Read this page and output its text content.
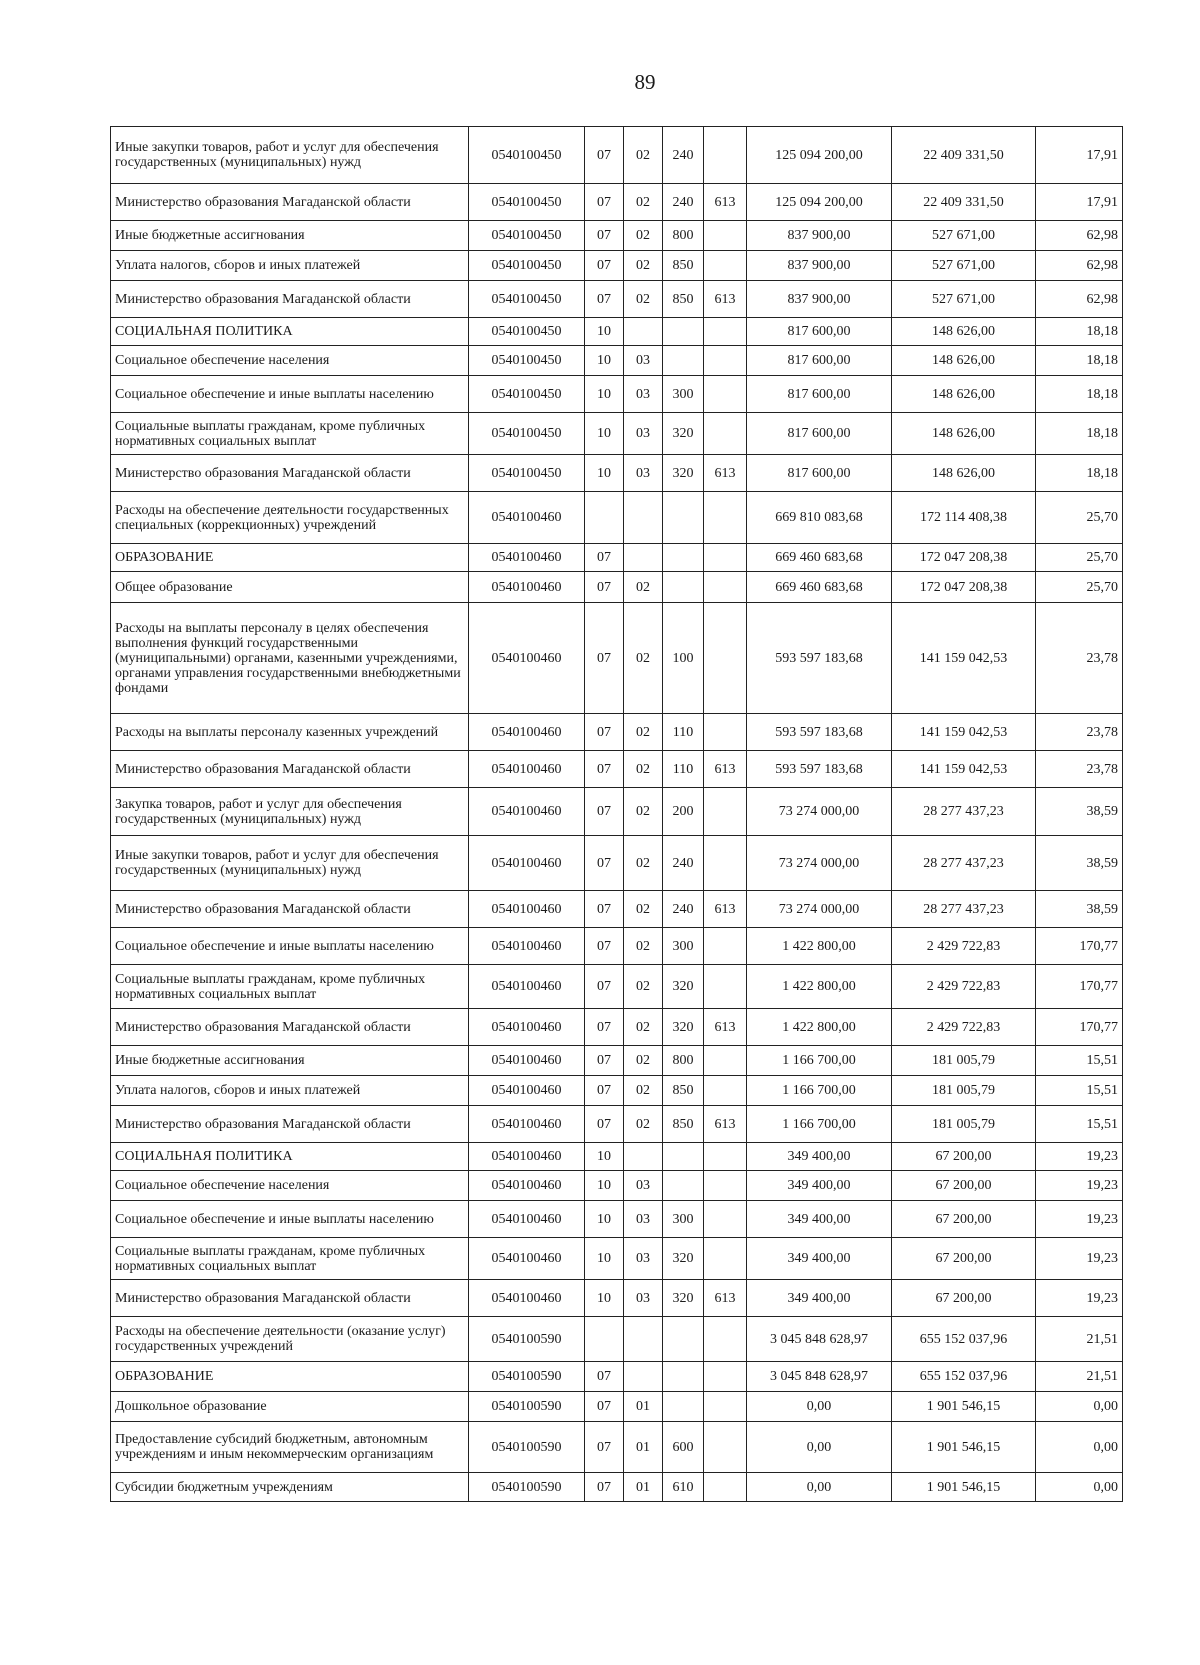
89
Иные закупки товаров, работ и услуг для обеспечения государственных (муниципальных) нужд	0540100450	07	02	240		125 094 200,00	22 409 331,50	17,91
Министерство образования Магаданской области	0540100450	07	02	240	613	125 094 200,00	22 409 331,50	17,91
Иные бюджетные ассигнования	0540100450	07	02	800		837 900,00	527 671,00	62,98
Уплата налогов, сборов и иных платежей	0540100450	07	02	850		837 900,00	527 671,00	62,98
Министерство образования Магаданской области	0540100450	07	02	850	613	837 900,00	527 671,00	62,98
СОЦИАЛЬНАЯ ПОЛИТИКА	0540100450	10				817 600,00	148 626,00	18,18
Социальное обеспечение населения	0540100450	10	03			817 600,00	148 626,00	18,18
Социальное обеспечение и иные выплаты населению	0540100450	10	03	300		817 600,00	148 626,00	18,18
Социальные выплаты гражданам, кроме публичных нормативных социальных выплат	0540100450	10	03	320		817 600,00	148 626,00	18,18
Министерство образования Магаданской области	0540100450	10	03	320	613	817 600,00	148 626,00	18,18
Расходы на обеспечение деятельности государственных специальных (коррекционных) учреждений	0540100460					669 810 083,68	172 114 408,38	25,70
ОБРАЗОВАНИЕ	0540100460	07				669 460 683,68	172 047 208,38	25,70
Общее образование	0540100460	07	02			669 460 683,68	172 047 208,38	25,70
Расходы на выплаты персоналу в целях обеспечения выполнения функций государственными (муниципальными) органами, казенными учреждениями, органами управления государственными внебюджетными фондами	0540100460	07	02	100		593 597 183,68	141 159 042,53	23,78
Расходы на выплаты персоналу казенных учреждений	0540100460	07	02	110		593 597 183,68	141 159 042,53	23,78
Министерство образования Магаданской области	0540100460	07	02	110	613	593 597 183,68	141 159 042,53	23,78
Закупка товаров, работ и услуг для обеспечения государственных (муниципальных) нужд	0540100460	07	02	200		73 274 000,00	28 277 437,23	38,59
Иные закупки товаров, работ и услуг для обеспечения государственных (муниципальных) нужд	0540100460	07	02	240		73 274 000,00	28 277 437,23	38,59
Министерство образования Магаданской области	0540100460	07	02	240	613	73 274 000,00	28 277 437,23	38,59
Социальное обеспечение и иные выплаты населению	0540100460	07	02	300		1 422 800,00	2 429 722,83	170,77
Социальные выплаты гражданам, кроме публичных нормативных социальных выплат	0540100460	07	02	320		1 422 800,00	2 429 722,83	170,77
Министерство образования Магаданской области	0540100460	07	02	320	613	1 422 800,00	2 429 722,83	170,77
Иные бюджетные ассигнования	0540100460	07	02	800		1 166 700,00	181 005,79	15,51
Уплата налогов, сборов и иных платежей	0540100460	07	02	850		1 166 700,00	181 005,79	15,51
Министерство образования Магаданской области	0540100460	07	02	850	613	1 166 700,00	181 005,79	15,51
СОЦИАЛЬНАЯ ПОЛИТИКА	0540100460	10				349 400,00	67 200,00	19,23
Социальное обеспечение населения	0540100460	10	03			349 400,00	67 200,00	19,23
Социальное обеспечение и иные выплаты населению	0540100460	10	03	300		349 400,00	67 200,00	19,23
Социальные выплаты гражданам, кроме публичных нормативных социальных выплат	0540100460	10	03	320		349 400,00	67 200,00	19,23
Министерство образования Магаданской области	0540100460	10	03	320	613	349 400,00	67 200,00	19,23
Расходы на обеспечение деятельности (оказание услуг) государственных учреждений	0540100590					3 045 848 628,97	655 152 037,96	21,51
ОБРАЗОВАНИЕ	0540100590	07				3 045 848 628,97	655 152 037,96	21,51
Дошкольное образование	0540100590	07	01			0,00	1 901 546,15	0,00
Предоставление субсидий бюджетным, автономным учреждениям и иным некоммерческим организациям	0540100590	07	01	600		0,00	1 901 546,15	0,00
Субсидии бюджетным учреждениям	0540100590	07	01	610		0,00	1 901 546,15	0,00
